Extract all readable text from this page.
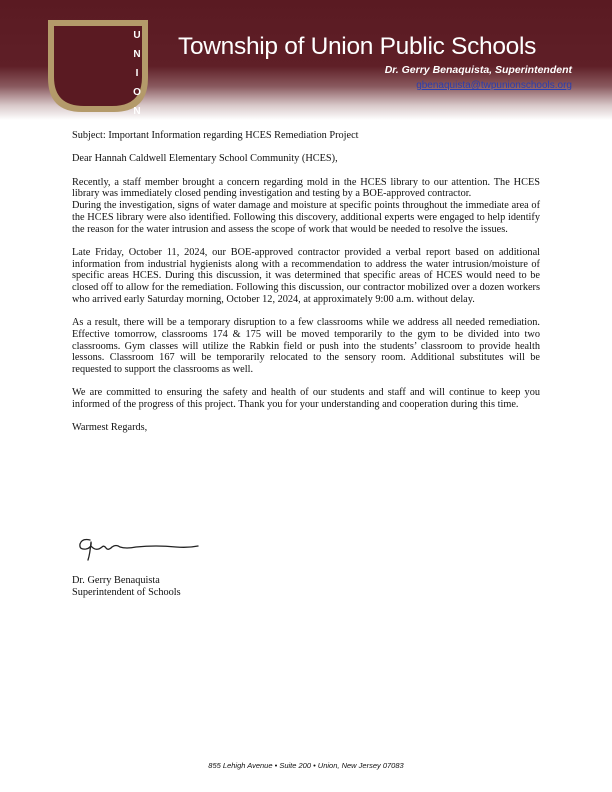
U
N
I
O
N
Township of Union Public Schools
Dr. Gerry Benaquista, Superintendent
gbenaquista@twpunionschools.org

Subject: Important Information regarding HCES Remediation Project

Dear Hannah Caldwell Elementary School Community (HCES),

Recently, a staff member brought a concern regarding mold in the HCES library to our attention. The HCES library was immediately closed pending investigation and testing by a BOE-approved contractor.

During the investigation, signs of water damage and moisture at specific points throughout the immediate area of the HCES library were also identified. Following this discovery, additional experts were engaged to help identify the reason for the water intrusion and assess the scope of work that would be needed to resolve the issues.

Late Friday, October 11, 2024, our BOE-approved contractor provided a verbal report based on additional information from industrial hygienists along with a recommendation to address the water intrusion/moisture of specific areas HCES. During this discussion, it was determined that specific areas of HCES would need to be closed off to allow for the remediation. Following this discussion, our contractor mobilized over a dozen workers who arrived early Saturday morning, October 12, 2024, at approximately 9:00 a.m. without delay.

As a result, there will be a temporary disruption to a few classrooms while we address all needed remediation. Effective tomorrow, classrooms 174 & 175 will be moved temporarily to the gym to be divided into two classrooms. Gym classes will utilize the Rabkin field or push into the students’ classroom to provide health lessons. Classroom 167 will be temporarily relocated to the sensory room. Additional substitutes will be requested to support the classrooms as well.

We are committed to ensuring the safety and health of our students and staff and will continue to keep you informed of the progress of this project. Thank you for your understanding and cooperation during this time.

Warmest Regards,

Dr. Gerry Benaquista
Superintendent of Schools
855 Lehigh Avenue • Suite 200 • Union, New Jersey 07083
